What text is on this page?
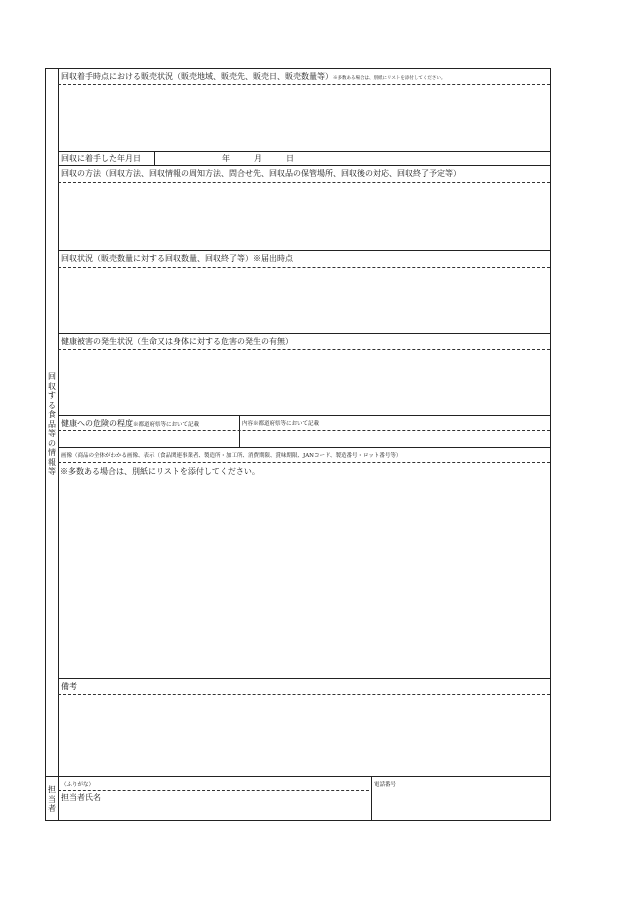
回収する食品等の情報等
回収着手時点における販売状況（販売地域、販売先、販売日、販売数量等）※多数ある場合は、別紙にリストを添付してください。
回収に着手した年月日	年	月	日
回収の方法（回収方法、回収情報の周知方法、問合せ先、回収品の保管場所、回収後の対応、回収終了予定等）
回収状況（販売数量に対する回収数量、回収終了等）※届出時点
健康被害の発生状況（生命又は身体に対する危害の発生の有無）
健康への危険の程度※都道府県等において記載	内容※都道府県等において記載
画像（商品の全体がわかる画像、表示（食品関連事業者、製造所・加工所、消費期限、賞味期限、JANコード、製造番号・ロット番号等）
※多数ある場合は、別紙にリストを添付してください。
備考
担当者
（ふりがな）	電話番号
担当者氏名
